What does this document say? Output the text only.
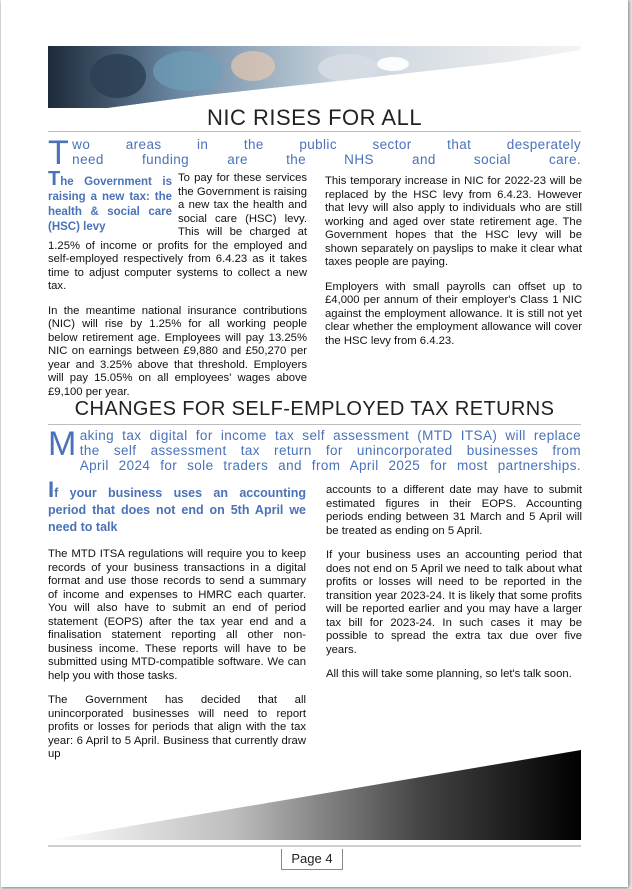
NIC RISES FOR ALL
T wo areas in the public sector that desperately
need funding are the NHS and social care.
The Government is raising a new tax: the health & social care (HSC) levy

To pay for these services the Government is raising a new tax the health and social care (HSC) levy. This will be charged at 1.25% of income or profits for the employed and self-employed respectively from 6.4.23 as it takes time to adjust computer systems to collect a new tax.

In the meantime national insurance contributions (NIC) will rise by 1.25% for all working people below retirement age. Employees will pay 13.25% NIC on earnings between £9,880 and £50,270 per year and 3.25% above that threshold. Employers will pay 15.05% on all employees' wages above £9,100 per year.

This temporary increase in NIC for 2022-23 will be replaced by the HSC levy from 6.4.23. However that levy will also apply to individuals who are still working and aged over state retirement age. The Government hopes that the HSC levy will be shown separately on payslips to make it clear what taxes people are paying.

Employers with small payrolls can offset up to £4,000 per annum of their employer's Class 1 NIC against the employment allowance. It is still not yet clear whether the employment allowance will cover the HSC levy from 6.4.23.

CHANGES FOR SELF-EMPLOYED TAX RETURNS
M aking tax digital for income tax self assessment (MTD ITSA) will replace
the self assessment tax return for unincorporated businesses from
April 2024 for sole traders and from April 2025 for most partnerships.
If your business uses an accounting period that does not end on 5th April we need to talk

The MTD ITSA regulations will require you to keep records of your business transactions in a digital format and use those records to send a summary of income and expenses to HMRC each quarter. You will also have to submit an end of period statement (EOPS) after the tax year end and a finalisation statement reporting all other non-business income. These reports will have to be submitted using MTD-compatible software. We can help you with those tasks.

The Government has decided that all unincorporated businesses will need to report profits or losses for periods that align with the tax year: 6 April to 5 April. Business that currently draw up

accounts to a different date may have to submit estimated figures in their EOPS. Accounting periods ending between 31 March and 5 April will be treated as ending on 5 April.

If your business uses an accounting period that does not end on 5 April we need to talk about what profits or losses will need to be reported in the transition year 2023-24. It is likely that some profits will be reported earlier and you may have a larger tax bill for 2023-24. In such cases it may be possible to spread the extra tax due over five years.

All this will take some planning, so let's talk soon.

Page 4
